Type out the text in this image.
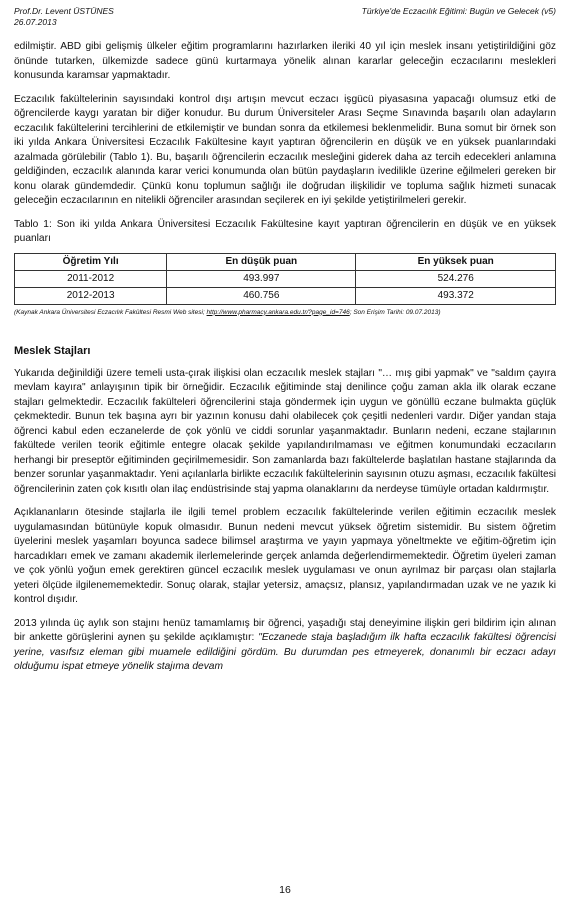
Prof.Dr. Levent ÜSTÜNES
26.07.2013
Türkiye'de Eczacılık Eğitimi: Bugün ve Gelecek (v5)

edilmiştir. ABD gibi gelişmiş ülkeler eğitim programlarını hazırlarken ileriki 40 yıl için meslek insanı yetiştirildiğini göz önünde tutarken, ülkemizde sadece günü kurtarmaya yönelik alınan kararlar geleceğin eczacılarını meslekleri konusunda karamsar yapmaktadır.

Eczacılık fakültelerinin sayısındaki kontrol dışı artışın mevcut eczacı işgücü piyasasına yapacağı olumsuz etki de öğrencilerde kaygı yaratan bir diğer konudur. Bu durum Üniversiteler Arası Seçme Sınavında başarılı olan adayların eczacılık fakültelerini tercihlerini de etkilemiştir ve bundan sonra da etkilemesi beklenmelidir. Buna somut bir örnek son iki yılda Ankara Üniversitesi Eczacılık Fakültesine kayıt yaptıran öğrencilerin en düşük ve en yüksek puanlarındaki azalmada görülebilir (Tablo 1). Bu, başarılı öğrencilerin eczacılık mesleğini giderek daha az tercih edecekleri anlamına geldiğinden, eczacılık alanında karar verici konumunda olan bütün paydaşların ivedilikle üzerine eğilmeleri gereken bir konu olarak gündemdedir. Çünkü konu toplumun sağlığı ile doğrudan ilişkilidir ve topluma sağlık hizmeti sunacak geleceğin eczacılarının en nitelikli öğrenciler arasından seçilerek en iyi şekilde yetiştirilmeleri gerekir.

Tablo 1: Son iki yılda Ankara Üniversitesi Eczacılık Fakültesine kayıt yaptıran öğrencilerin en düşük ve en yüksek puanları

Öğretim Yılı	En düşük puan	En yüksek puan
2011-2012	493.997	524.276
2012-2013	460.756	493.372
(Kaynak Ankara Üniversitesi Eczacılık Fakültesi Resmi Web sitesi; http://www.pharmacy.ankara.edu.tr/?page_id=746; Son Erişim Tarihi: 09.07.2013)
Meslek Stajları

Yukarıda değinildiği üzere temeli usta-çırak ilişkisi olan eczacılık meslek stajları "… mış gibi yapmak" ve "saldım çayıra mevlam kayıra" anlayışının tipik bir örneğidir. Eczacılık eğitiminde staj denilince çoğu zaman akla ilk olarak eczane stajları gelmektedir. Eczacılık fakülteleri öğrencilerini staja göndermek için uygun ve gönüllü eczane bulmakta güçlük çekmektedir. Bunun tek başına ayrı bir yazının konusu dahi olabilecek çok çeşitli nedenleri vardır. Diğer yandan staja öğrenci kabul eden eczanelerde de çok yönlü ve ciddi sorunlar yaşanmaktadır. Bunların nedeni, eczane stajlarının fakültede verilen teorik eğitimle entegre olacak şekilde yapılandırılmaması ve eğitmen konumundaki eczacıların herhangi bir preseptör eğitiminden geçirilmemesidir. Son zamanlarda bazı fakültelerde başlatılan hastane stajlarında da benzer sorunlar yaşanmaktadır. Yeni açılanlarla birlikte eczacılık fakültelerinin sayısının otuzu aşması, eczacılık fakültesi öğrencilerinin zaten çok kısıtlı olan ilaç endüstrisinde staj yapma olanaklarını da nerdeyse tümüyle ortadan kaldırmıştır.

Açıklananların ötesinde stajlarla ile ilgili temel problem eczacılık fakültelerinde verilen eğitimin eczacılık meslek uygulamasından bütünüyle kopuk olmasıdır. Bunun nedeni mevcut yüksek öğretim sistemidir. Bu sistem öğretim üyelerini meslek yaşamları boyunca sadece bilimsel araştırma ve yayın yapmaya yöneltmekte ve eğitim-öğretim için harcadıkları emek ve zamanı akademik ilerlemelerinde gerçek anlamda değerlendirmemektedir. Öğretim üyeleri zaman ve çok yönlü yoğun emek gerektiren güncel eczacılık meslek uygulaması ve onun ayrılmaz bir parçası olan stajlarla yeteri ölçüde ilgilenememektedir. Sonuç olarak, stajlar yetersiz, amaçsız, plansız, yapılandırmadan uzak ve ne yazık ki kontrol dışıdır.

2013 yılında üç aylık son stajını henüz tamamlamış bir öğrenci, yaşadığı staj deneyimine ilişkin geri bildirim için alınan bir ankette görüşlerini aynen şu şekilde açıklamıştır: "Eczanede staja başladığım ilk hafta eczacılık fakültesi öğrencisi yerine, vasıfsız eleman gibi muamele edildiğini gördüm. Bu durumdan pes etmeyerek, donanımlı bir eczacı adayı olduğumu ispat etmeye yönelik stajıma devam

16
